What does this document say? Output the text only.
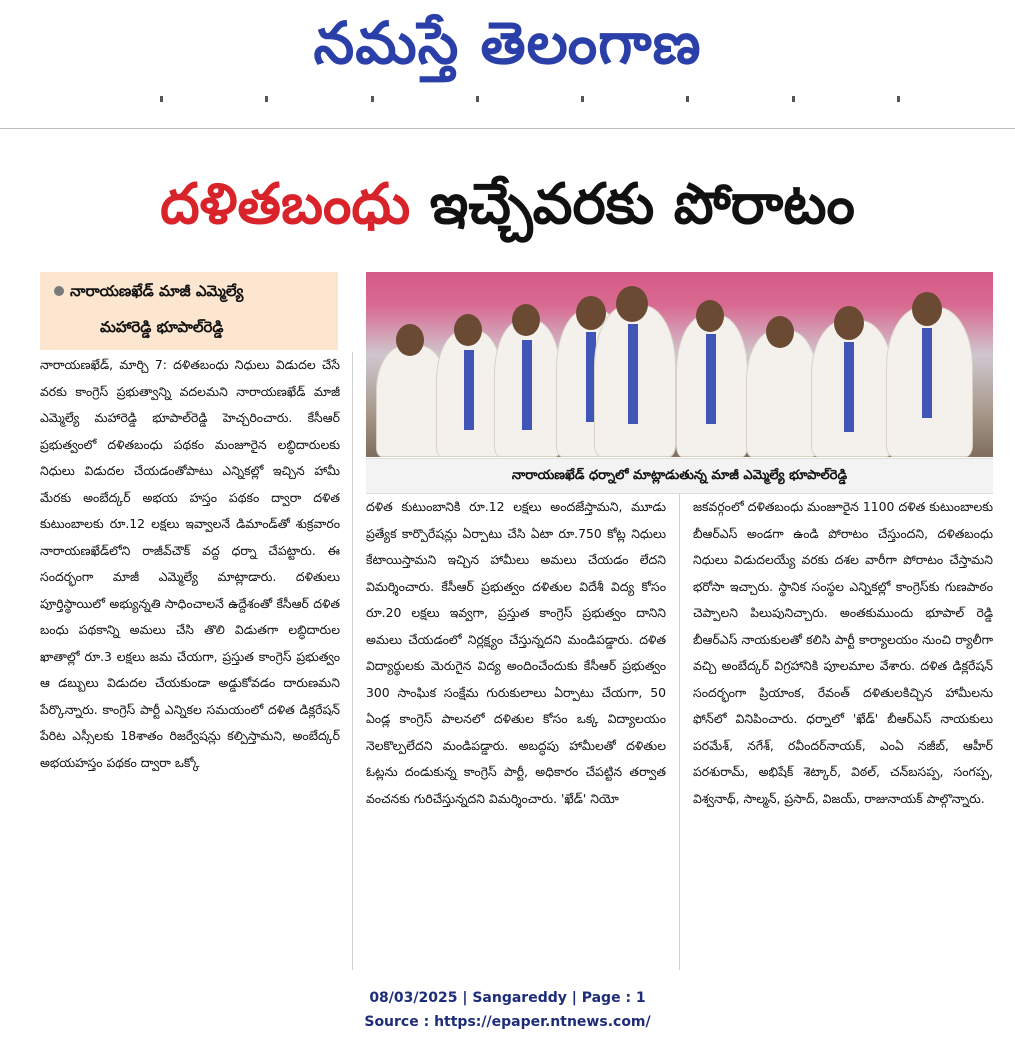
నమస్తే తెలంగాణ
దళితబంధు ఇచ్చేవరకు పోరాటం
నారాయణఖేడ్ మాజీ ఎమ్మెల్యే
మహారెడ్డి భూపాల్‌రెడ్డి
నారాయణఖేడ్ ధర్నాలో మాట్లాడుతున్న మాజీ ఎమ్మెల్యే భూపాల్‌రెడ్డి
నారాయణఖేడ్, మార్చి 7: దళితబంధు నిధులు విడుదల చేసే వరకు కాంగ్రెస్ ప్రభుత్వాన్ని వదలమని నారాయణఖేడ్ మాజీ ఎమ్మెల్యే మహారెడ్డి భూపాల్‌రెడ్డి హెచ్చరించారు. కేసీఆర్ ప్రభుత్వంలో దళితబంధు పథకం మంజూరైన లబ్ధిదారులకు నిధులు విడుదల చేయడంతోపాటు ఎన్నికల్లో ఇచ్చిన హామీ మేరకు అంబేద్కర్ అభయ హస్తం పథకం ద్వారా దళిత కుటుంబాలకు రూ.12 లక్షలు ఇవ్వాలనే డిమాండ్‌తో శుక్రవారం నారాయణఖేడ్‌లోని రాజీవ్‌చౌక్ వద్ద ధర్నా చేపట్టారు. ఈ సందర్భంగా మాజీ ఎమ్మెల్యే మాట్లాడారు. దళితులు పూర్తిస్థాయిలో అభ్యున్నతి సాధించాలనే ఉద్దేశంతో కేసీఆర్ దళిత బంధు పథకాన్ని అమలు చేసి తొలి విడుతగా లబ్ధిదారుల ఖాతాల్లో రూ.3 లక్షలు జమ చేయగా, ప్రస్తుత కాంగ్రెస్ ప్రభుత్వం ఆ డబ్బులు విడుదల చేయకుండా అడ్డుకోవడం దారుణమని పేర్కొన్నారు. కాంగ్రెస్ పార్టీ ఎన్నికల సమయంలో దళిత డిక్లరేషన్ పేరిట ఎస్సీలకు 18శాతం రిజర్వేషన్లు కల్పిస్తామని, అంబేద్కర్ అభయహస్తం పథకం ద్వారా ఒక్కో
దళిత కుటుంబానికి రూ.12 లక్షలు అందజేస్తామని, మూడు ప్రత్యేక కార్పొరేషన్లు ఏర్పాటు చేసి ఏటా రూ.750 కోట్ల నిధులు కేటాయిస్తామని ఇచ్చిన హామీలు అమలు చేయడం లేదని విమర్శించారు. కేసీఆర్ ప్రభుత్వం దళితుల విదేశీ విద్య కోసం రూ.20 లక్షలు ఇవ్వగా, ప్రస్తుత కాంగ్రెస్ ప్రభుత్వం దానిని అమలు చేయడంలో నిర్లక్ష్యం చేస్తున్నదని మండిపడ్డారు. దళిత విద్యార్థులకు మెరుగైన విద్య అందించేందుకు కేసీఆర్ ప్రభుత్వం 300 సాంఘిక సంక్షేమ గురుకులాలు ఏర్పాటు చేయగా, 50 ఏండ్ల కాంగ్రెస్ పాలనలో దళితుల కోసం ఒక్క విద్యాలయం నెలకొల్పలేదని మండిపడ్డారు. అబద్ధపు హామీలతో దళితుల ఓట్లను దండుకున్న కాంగ్రెస్ పార్టీ, అధికారం చేపట్టిన తర్వాత వంచనకు గురిచేస్తున్నదని విమర్శించారు. 'ఖేడ్' నియో
జకవర్గంలో దళితబంధు మంజూరైన 1100 దళిత కుటుంబాలకు బీఆర్‌ఎస్ అండగా ఉండి పోరాటం చేస్తుందని, దళితబంధు నిధులు విడుదలయ్యే వరకు దశల వారీగా పోరాటం చేస్తామని భరోసా ఇచ్చారు. స్థానిక సంస్థల ఎన్నికల్లో కాంగ్రెస్‌కు గుణపాఠం చెప్పాలని పిలుపునిచ్చారు. అంతకుముందు భూపాల్ రెడ్డి బీఆర్‌ఎస్ నాయకులతో కలిసి పార్టీ కార్యాలయం నుంచి ర్యాలీగా వచ్చి అంబేద్కర్ విగ్రహానికి పూలమాల వేశారు. దళిత డిక్లరేషన్ సందర్భంగా ప్రియాంక, రేవంత్ దళితులకిచ్చిన హామీలను ఫోన్‌లో వినిపించారు. ధర్నాలో 'ఖేడ్' బీఆర్‌ఎస్ నాయకులు పరమేశ్, నగేశ్, రవీందర్‌నాయక్, ఎంఏ నజీబ్, ఆహీర్ పరశురామ్, అభిషేక్ శెట్కార్, విఠల్, చన్‌బసప్ప, సంగప్ప, విశ్వనాథ్, సాల్మన్, ప్రసాద్, విజయ్, రాజునాయక్ పాల్గొన్నారు.
08/03/2025 | Sangareddy | Page : 1
Source : https://epaper.ntnews.com/
